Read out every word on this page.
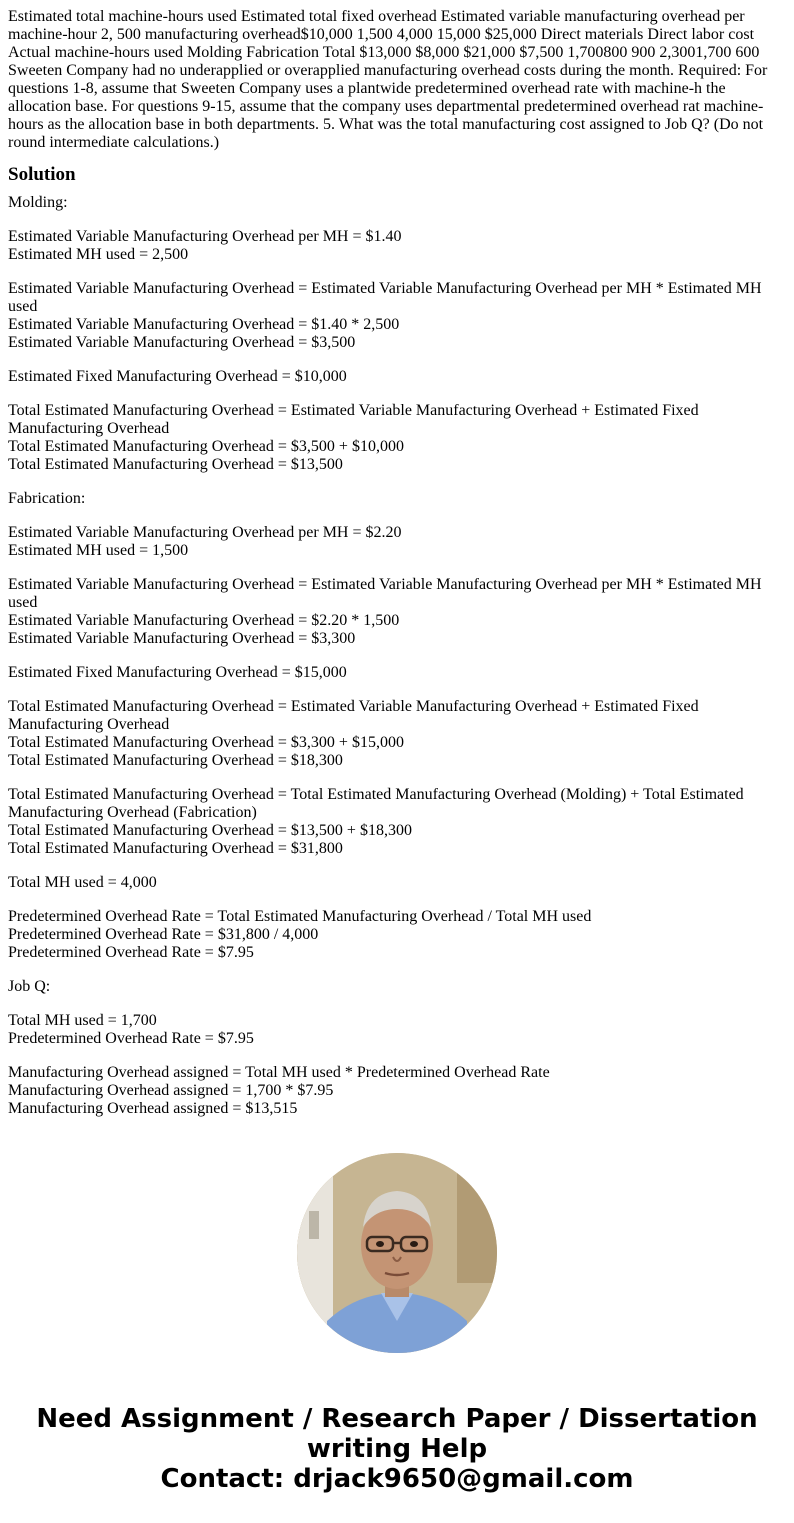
Estimated total machine-hours used Estimated total fixed overhead Estimated variable manufacturing overhead per machine-hour 2, 500 manufacturing overhead$10,000 1,500 4,000 15,000 $25,000 Direct materials Direct labor cost Actual machine-hours used Molding Fabrication Total $13,000 $8,000 $21,000 $7,500 1,700800 900 2,3001,700 600 Sweeten Company had no underapplied or overapplied manufacturing overhead costs during the month. Required: For questions 1-8, assume that Sweeten Company uses a plantwide predetermined overhead rate with machine-h the allocation base. For questions 9-15, assume that the company uses departmental predetermined overhead rat machine-hours as the allocation base in both departments. 5. What was the total manufacturing cost assigned to Job Q? (Do not round intermediate calculations.)
Solution
Molding:
Estimated Variable Manufacturing Overhead per MH = $1.40
Estimated MH used = 2,500
Estimated Variable Manufacturing Overhead = Estimated Variable Manufacturing Overhead per MH * Estimated MH used
Estimated Variable Manufacturing Overhead = $1.40 * 2,500
Estimated Variable Manufacturing Overhead = $3,500
Estimated Fixed Manufacturing Overhead = $10,000
Total Estimated Manufacturing Overhead = Estimated Variable Manufacturing Overhead + Estimated Fixed Manufacturing Overhead
Total Estimated Manufacturing Overhead = $3,500 + $10,000
Total Estimated Manufacturing Overhead = $13,500
Fabrication:
Estimated Variable Manufacturing Overhead per MH = $2.20
Estimated MH used = 1,500
Estimated Variable Manufacturing Overhead = Estimated Variable Manufacturing Overhead per MH * Estimated MH used
Estimated Variable Manufacturing Overhead = $2.20 * 1,500
Estimated Variable Manufacturing Overhead = $3,300
Estimated Fixed Manufacturing Overhead = $15,000
Total Estimated Manufacturing Overhead = Estimated Variable Manufacturing Overhead + Estimated Fixed Manufacturing Overhead
Total Estimated Manufacturing Overhead = $3,300 + $15,000
Total Estimated Manufacturing Overhead = $18,300
Total Estimated Manufacturing Overhead = Total Estimated Manufacturing Overhead (Molding) + Total Estimated Manufacturing Overhead (Fabrication)
Total Estimated Manufacturing Overhead = $13,500 + $18,300
Total Estimated Manufacturing Overhead = $31,800
Total MH used = 4,000
Predetermined Overhead Rate = Total Estimated Manufacturing Overhead / Total MH used
Predetermined Overhead Rate = $31,800 / 4,000
Predetermined Overhead Rate = $7.95
Job Q:
Total MH used = 1,700
Predetermined Overhead Rate = $7.95
Manufacturing Overhead assigned = Total MH used * Predetermined Overhead Rate
Manufacturing Overhead assigned = 1,700 * $7.95
Manufacturing Overhead assigned = $13,515
Need Assignment / Research Paper / Dissertation
writing Help
Contact: drjack9650@gmail.com
